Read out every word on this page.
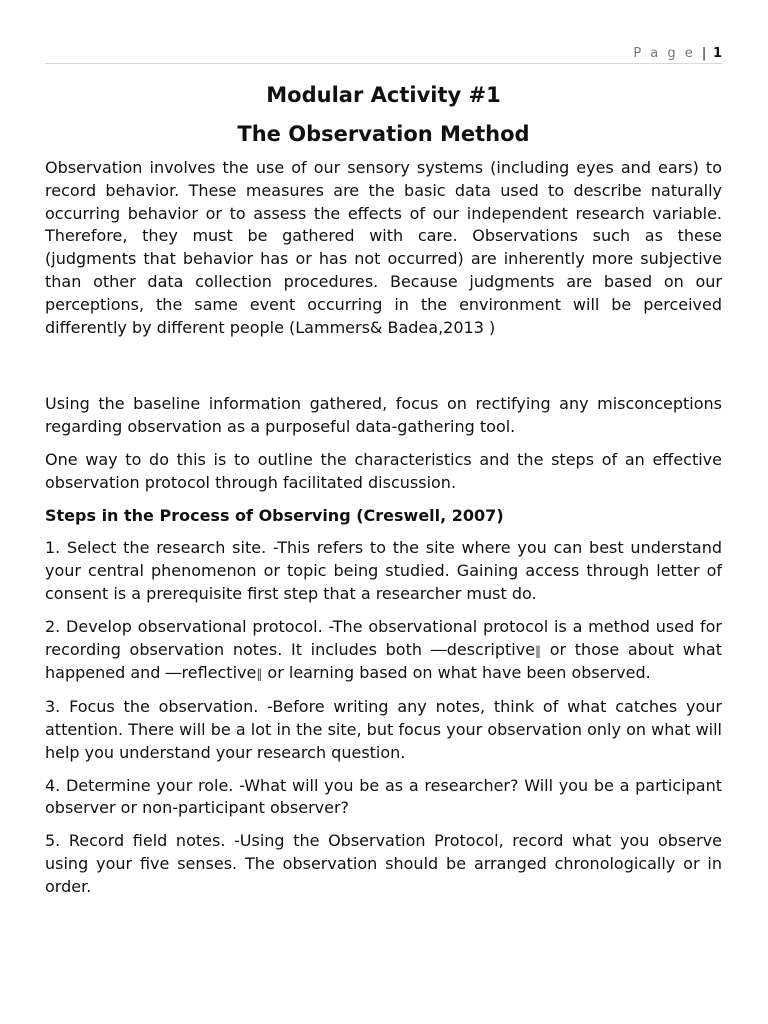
P a g e | 1
Modular Activity #1
The Observation Method

Observation involves the use of our sensory systems (including eyes and ears) to record behavior. These measures are the basic data used to describe naturally occurring behavior or to assess the effects of our independent research variable. Therefore, they must be gathered with care. Observations such as these (judgments that behavior has or has not occurred) are inherently more subjective than other data collection procedures. Because judgments are based on our perceptions, the same event occurring in the environment will be perceived differently by different people (Lammers& Badea,2013 )

Using the baseline information gathered, focus on rectifying any misconceptions regarding observation as a purposeful data-gathering tool.

One way to do this is to outline the characteristics and the steps of an effective observation protocol through facilitated discussion.

Steps in the Process of Observing (Creswell, 2007)

1. Select the research site. -This refers to the site where you can best understand your central phenomenon or topic being studied. Gaining access through letter of consent is a prerequisite first step that a researcher must do.

2. Develop observational protocol. -The observational protocol is a method used for recording observation notes. It includes both ―descriptive‖ or those about what happened and ―reflective‖ or learning based on what have been observed.

3. Focus the observation. -Before writing any notes, think of what catches your attention. There will be a lot in the site, but focus your observation only on what will help you understand your research question.

4. Determine your role. -What will you be as a researcher? Will you be a participant observer or non-participant observer?

5. Record field notes. -Using the Observation Protocol, record what you observe using your five senses. The observation should be arranged chronologically or in order.
